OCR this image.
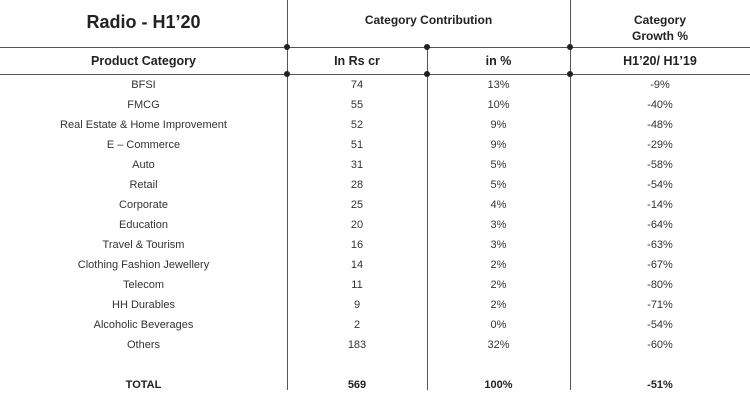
Radio - H1’20	Category Contribution	Category
Growth %
Product Category	In Rs cr	in %	H1’20/ H1’19
BFSI	74	13%	-9%
FMCG	55	10%	-40%
Real Estate & Home Improvement	52	9%	-48%
E – Commerce	51	9%	-29%
Auto	31	5%	-58%
Retail	28	5%	-54%
Corporate	25	4%	-14%
Education	20	3%	-64%
Travel & Tourism	16	3%	-63%
Clothing Fashion Jewellery	14	2%	-67%
Telecom	11	2%	-80%
HH Durables	9	2%	-71%
Alcoholic Beverages	2	0%	-54%
Others	183	32%	-60%
TOTAL	569	100%	-51%
